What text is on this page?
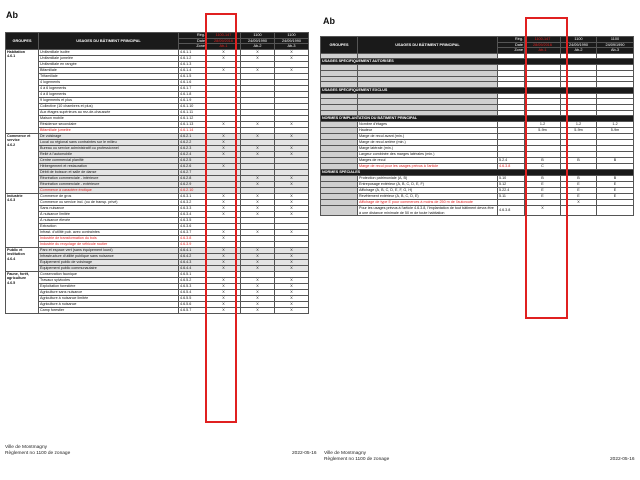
Ab
GROUPES	USAGES DU BÂTIMENT PRINCIPAL	Rég.	1100-147	1100	1100
		Date	28/09/2016	24/09/1990	24/09/1990
		Zone	Ab-1	Ab-2	Ab-3

Habitation
4.6.1	Unifamiliale isolée	4.6.1.1	X	X	X
	Unifamiliale jumelée	4.6.1.2	X	X	X
	Unifamiliale en rangée	4.6.1.3			
	Bifamiliale	4.6.1.4	X	X	X
	Trifamiliale	4.6.1.5			
	4 logements	4.6.1.6			
	4 à 6 logements	4.6.1.7			
	4 à 8 logements	4.6.1.8			
	9 logements et plus	4.6.1.9			
	Collective (10 chambres et plus)	4.6.1.10			
	Aux étages supérieurs au rez-de-chaussée	4.6.1.11			
	Maison mobile	4.6.1.12			
	Résidence secondaire	4.6.1.13	X	X	X
	Bifamiliale jumelée	4.6.1.14			

Commerce et service
4.6.2	De voisinage	4.6.2.1	X	X	X
	Local ou régional sans contraintes sur le milieu	4.6.2.2	X		
	Bureau ou service administratif ou professionnel	4.6.2.3	X	X	X
	Relié à l'automobile	4.6.2.4	X	X	X
	Centre commercial planifié	4.6.2.5			
	Hébergement et restauration	4.6.2.6	X		
	Débit de boisson et salle de danse	4.6.2.7			
	Récréation commerciale - intérieure	4.6.2.8		X	X
	Récréation commerciale - extérieure	4.6.2.9		X	X
	Commerce à caractère érotique	4.6.2.10			

Industrie
4.6.3	Commerce de gros	4.6.3.1	X	X	X
	Commerce ou service incl. (ou de transp. privé)	4.6.3.2	X	X	X
	Sans nuisance	4.6.3.3	X	X	X
	À nuisance limitée	4.6.3.4	X	X	X
	À nuisance élevée	4.6.3.5			
	Extraction	4.6.3.6			
	Infrast. d'utilité pub. avec contraintes	4.6.3.7	X	X	X
	Industrie de transformation du bois	4.6.3.8	X		
	Industrie du recyclage de véhicule routier	4.6.3.9			

Public et institution
4.6.4	Parc et espace vert (sans équipement lourd)	4.6.4.1	X	X	X
	Infrastructure d'utilité publique sans nuisance	4.6.4.2	X	X	X
	Équipement public de voisinage	4.6.4.3	X	X	X
	Équipement public communautaire	4.6.4.4	X	X	X

Faune, forêt, agriculture
4.6.5	Conservation faunique	4.6.5.1			
	Travaux sylvicoles	4.6.5.2	X	X	X
	Exploitation forestière	4.6.5.3	X	X	X
	Agriculture sans nuisance	4.6.5.4	X	X	X
	Agriculture à nuisance limitée	4.6.5.5	X	X	X
	Agriculture à nuisance	4.6.5.6	X	X	X
	Camp forestier	4.6.5.7	X	X	X
Ville de Montmagny
Règlement no 1100 de zonage	2022-05-16
Ab
GROUPES	USAGES DU BÂTIMENT PRINCIPAL	Rég.	1100-147	1100	1100
		Date	28/09/2016	24/09/1990	24/09/1990
		Zone	Ab-1	Ab-2	Ab-3

USAGES SPÉCIFIQUEMENT AUTORISÉS					

USAGES SPÉCIFIQUEMENT EXCLUS					

NORMES D'IMPLANTATION DU BÂTIMENT PRINCIPAL					
	Nombre d'étages		1-2	1-2	1-2
	Hauteur		5-9m	5-9m	5-9m
	Marge de recul avant (min.)				
	Marge de recul arrière (min.)				
	Marge latérale (min.)				
	Largeur combinée des marges latérales (min.)				
	Marges de recul	5.2.4	B	B	B
	Marge de recul pour les usages prévus à l'article	4.6.3.8	C		
NORMES SPÉCIALES					
	Protection patrimoniale (A, B)	5.10	B	B	B
	Entreposage extérieur (A, B, C, D, E, F)	5.12	E	E	E
	Affichage (A, B, C, D, E, F, G, H)	5.22.4	E	E	E
	Revêtement extérieur (A, B, C, D, E)	5.11	E	E	E
	Affichage de type E pour commerces à moins de 250 m de l'autoroute			X	
	Pour les usages prévus à l'article 4.6.3.8, l'implantation de tout bâtiment devra être à une distance minimale de 50 m de toute habitation	4.6.3.8	X		
Ville de Montmagny
Règlement no 1100 de zonage	2022-05-16
